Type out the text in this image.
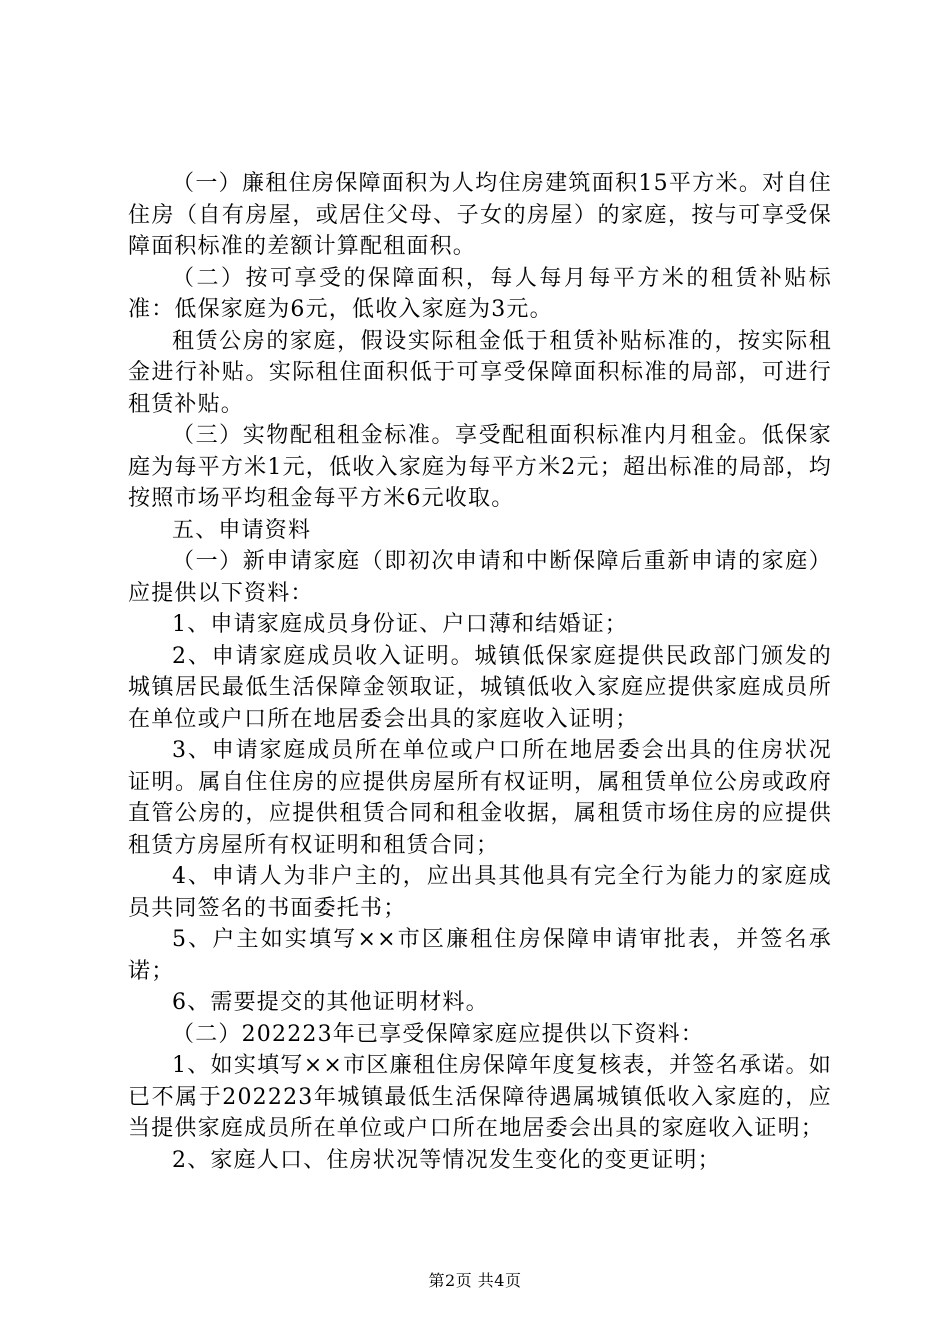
（一）廉租住房保障面积为人均住房建筑面积15平方米。对自住住房（自有房屋，或居住父母、子女的房屋）的家庭，按与可享受保障面积标准的差额计算配租面积。

（二）按可享受的保障面积，每人每月每平方米的租赁补贴标准：低保家庭为6元，低收入家庭为3元。

租赁公房的家庭，假设实际租金低于租赁补贴标准的，按实际租金进行补贴。实际租住面积低于可享受保障面积标准的局部，可进行租赁补贴。

（三）实物配租租金标准。享受配租面积标准内月租金。低保家庭为每平方米1元，低收入家庭为每平方米2元；超出标准的局部，均按照市场平均租金每平方米6元收取。

五、申请资料

（一）新申请家庭（即初次申请和中断保障后重新申请的家庭）应提供以下资料：

1、申请家庭成员身份证、户口薄和结婚证；

2、申请家庭成员收入证明。城镇低保家庭提供民政部门颁发的城镇居民最低生活保障金领取证，城镇低收入家庭应提供家庭成员所在单位或户口所在地居委会出具的家庭收入证明；

3、申请家庭成员所在单位或户口所在地居委会出具的住房状况证明。属自住住房的应提供房屋所有权证明，属租赁单位公房或政府直管公房的，应提供租赁合同和租金收据，属租赁市场住房的应提供租赁方房屋所有权证明和租赁合同；

4、申请人为非户主的，应出具其他具有完全行为能力的家庭成员共同签名的书面委托书；

5、户主如实填写××市区廉租住房保障申请审批表，并签名承诺；

6、需要提交的其他证明材料。

（二）202223年已享受保障家庭应提供以下资料：

1、如实填写××市区廉租住房保障年度复核表，并签名承诺。如已不属于202223年城镇最低生活保障待遇属城镇低收入家庭的，应当提供家庭成员所在单位或户口所在地居委会出具的家庭收入证明；

2、家庭人口、住房状况等情况发生变化的变更证明；

第2页 共4页
